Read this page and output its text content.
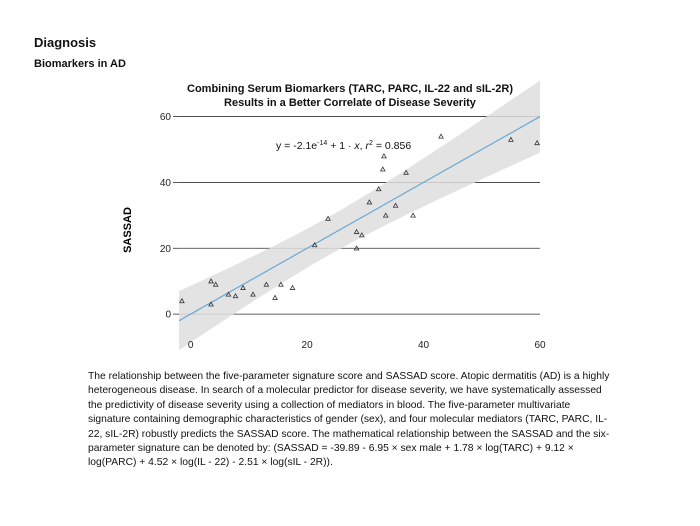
Diagnosis
Biomarkers in AD
Combining Serum Biomarkers (TARC, PARC, IL-22 and sIL-2R)
Results in a Better Correlate of Disease Severity
0
20
40
60
0	20	40	60
SASSAD
$y = -2.1e^{-14} + 1 \cdot x$, $r^2 = 0.856$
The relationship between the five-parameter signature score and SASSAD score. Atopic dermatitis (AD) is a highly heterogeneous disease. In search of a molecular predictor for disease severity, we have systematically assessed the predictivity of disease severity using a collection of mediators in blood. The five-parameter multivariate signature containing demographic characteristics of gender (sex), and four molecular mediators (TARC, PARC, IL-22, sIL-2R) robustly predicts the SASSAD score. The mathematical relationship between the SASSAD and the six-parameter signature can be denoted by: (SASSAD = -39.89 - 6.95 × sex male + 1.78 × log(TARC) + 9.12 × log(PARC) + 4.52 × log(IL - 22) - 2.51 × log(sIL - 2R)).
